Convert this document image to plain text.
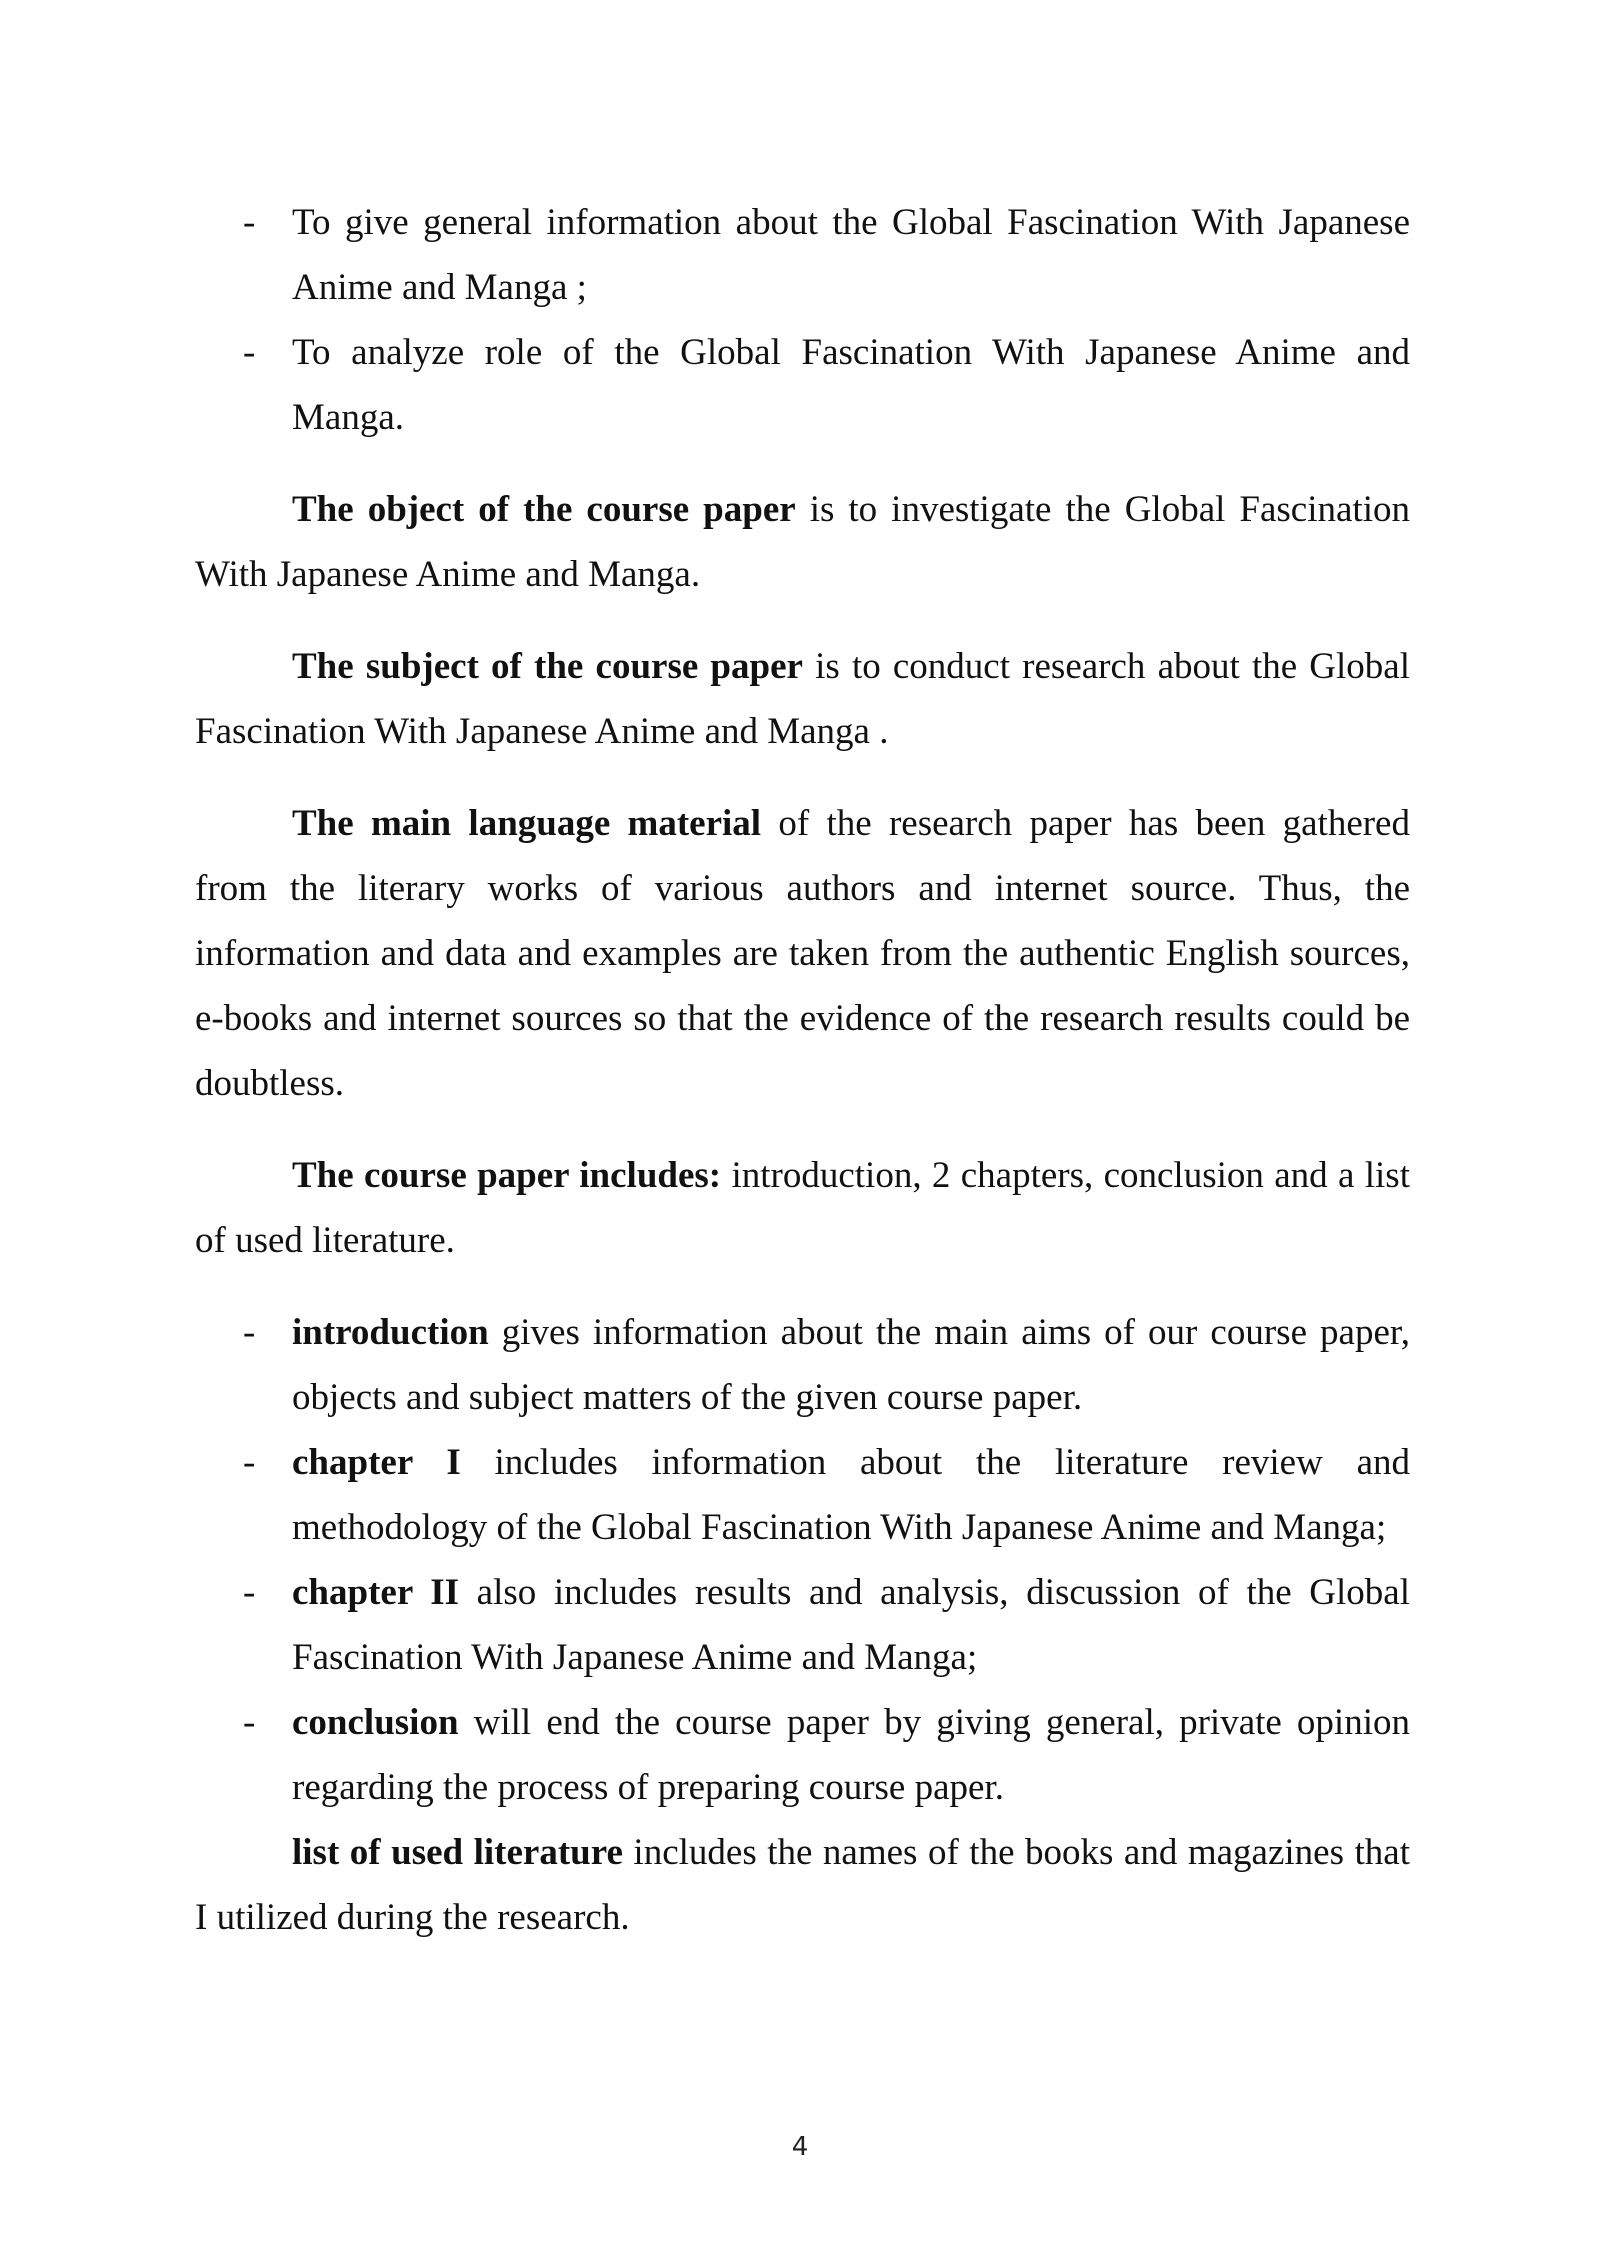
- To give general information about the Global Fascination With Japanese Anime and Manga ;
- To analyze role of the Global Fascination With Japanese Anime and Manga.

The object of the course paper is to investigate the Global Fascination With Japanese Anime and Manga.

The subject of the course paper is to conduct research about the Global Fascination With Japanese Anime and Manga .

The main language material of the research paper has been gathered from the literary works of various authors and internet source. Thus, the information and data and examples are taken from the authentic English sources, e-books and internet sources so that the evidence of the research results could be doubtless.

The course paper includes: introduction, 2 chapters, conclusion and a list of used literature.

- introduction gives information about the main aims of our course paper, objects and subject matters of the given course paper.
- chapter I includes information about the literature review and methodology of the Global Fascination With Japanese Anime and Manga;
- chapter II also includes results and analysis, discussion of the Global Fascination With Japanese Anime and Manga;
- conclusion will end the course paper by giving general, private opinion regarding the process of preparing course paper.

list of used literature includes the names of the books and magazines that I utilized during the research.

4
